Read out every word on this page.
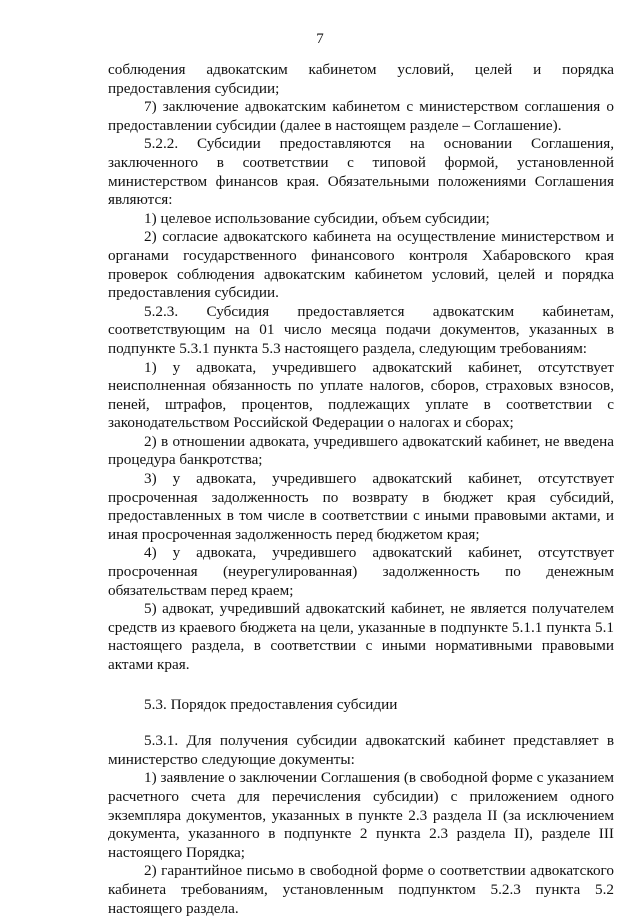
7

соблюдения адвокатским кабинетом условий, целей и порядка предоставления субсидии;

7) заключение адвокатским кабинетом с министерством соглашения о предоставлении субсидии (далее в настоящем разделе – Соглашение).

5.2.2. Субсидии предоставляются на основании Соглашения, заключенного в соответствии с типовой формой, установленной министерством финансов края. Обязательными положениями Соглашения являются:

1) целевое использование субсидии, объем субсидии;

2) согласие адвокатского кабинета на осуществление министерством и органами государственного финансового контроля Хабаровского края проверок соблюдения адвокатским кабинетом условий, целей и порядка предоставления субсидии.

5.2.3. Субсидия предоставляется адвокатским кабинетам, соответствующим на 01 число месяца подачи документов, указанных в подпункте 5.3.1 пункта 5.3 настоящего раздела, следующим требованиям:

1) у адвоката, учредившего адвокатский кабинет, отсутствует неисполненная обязанность по уплате налогов, сборов, страховых взносов, пеней, штрафов, процентов, подлежащих уплате в соответствии с законодательством Российской Федерации о налогах и сборах;

2) в отношении адвоката, учредившего адвокатский кабинет, не введена процедура банкротства;

3) у адвоката, учредившего адвокатский кабинет, отсутствует просроченная задолженность по возврату в бюджет края субсидий, предоставленных в том числе в соответствии с иными правовыми актами, и иная просроченная задолженность перед бюджетом края;

4) у адвоката, учредившего адвокатский кабинет, отсутствует просроченная (неурегулированная) задолженность по денежным обязательствам перед краем;

5) адвокат, учредивший адвокатский кабинет, не является получателем средств из краевого бюджета на цели, указанные в подпункте 5.1.1 пункта 5.1 настоящего раздела, в соответствии с иными нормативными правовыми актами края.

5.3. Порядок предоставления субсидии

5.3.1. Для получения субсидии адвокатский кабинет представляет в министерство следующие документы:

1) заявление о заключении Соглашения (в свободной форме с указанием расчетного счета для перечисления субсидии) с приложением одного экземпляра документов, указанных в пункте 2.3 раздела II (за исключением документа, указанного в подпункте 2 пункта 2.3 раздела II), разделе III настоящего Порядка;

2) гарантийное письмо в свободной форме о соответствии адвокатского кабинета требованиям, установленным подпунктом 5.2.3 пункта 5.2 настоящего раздела.
